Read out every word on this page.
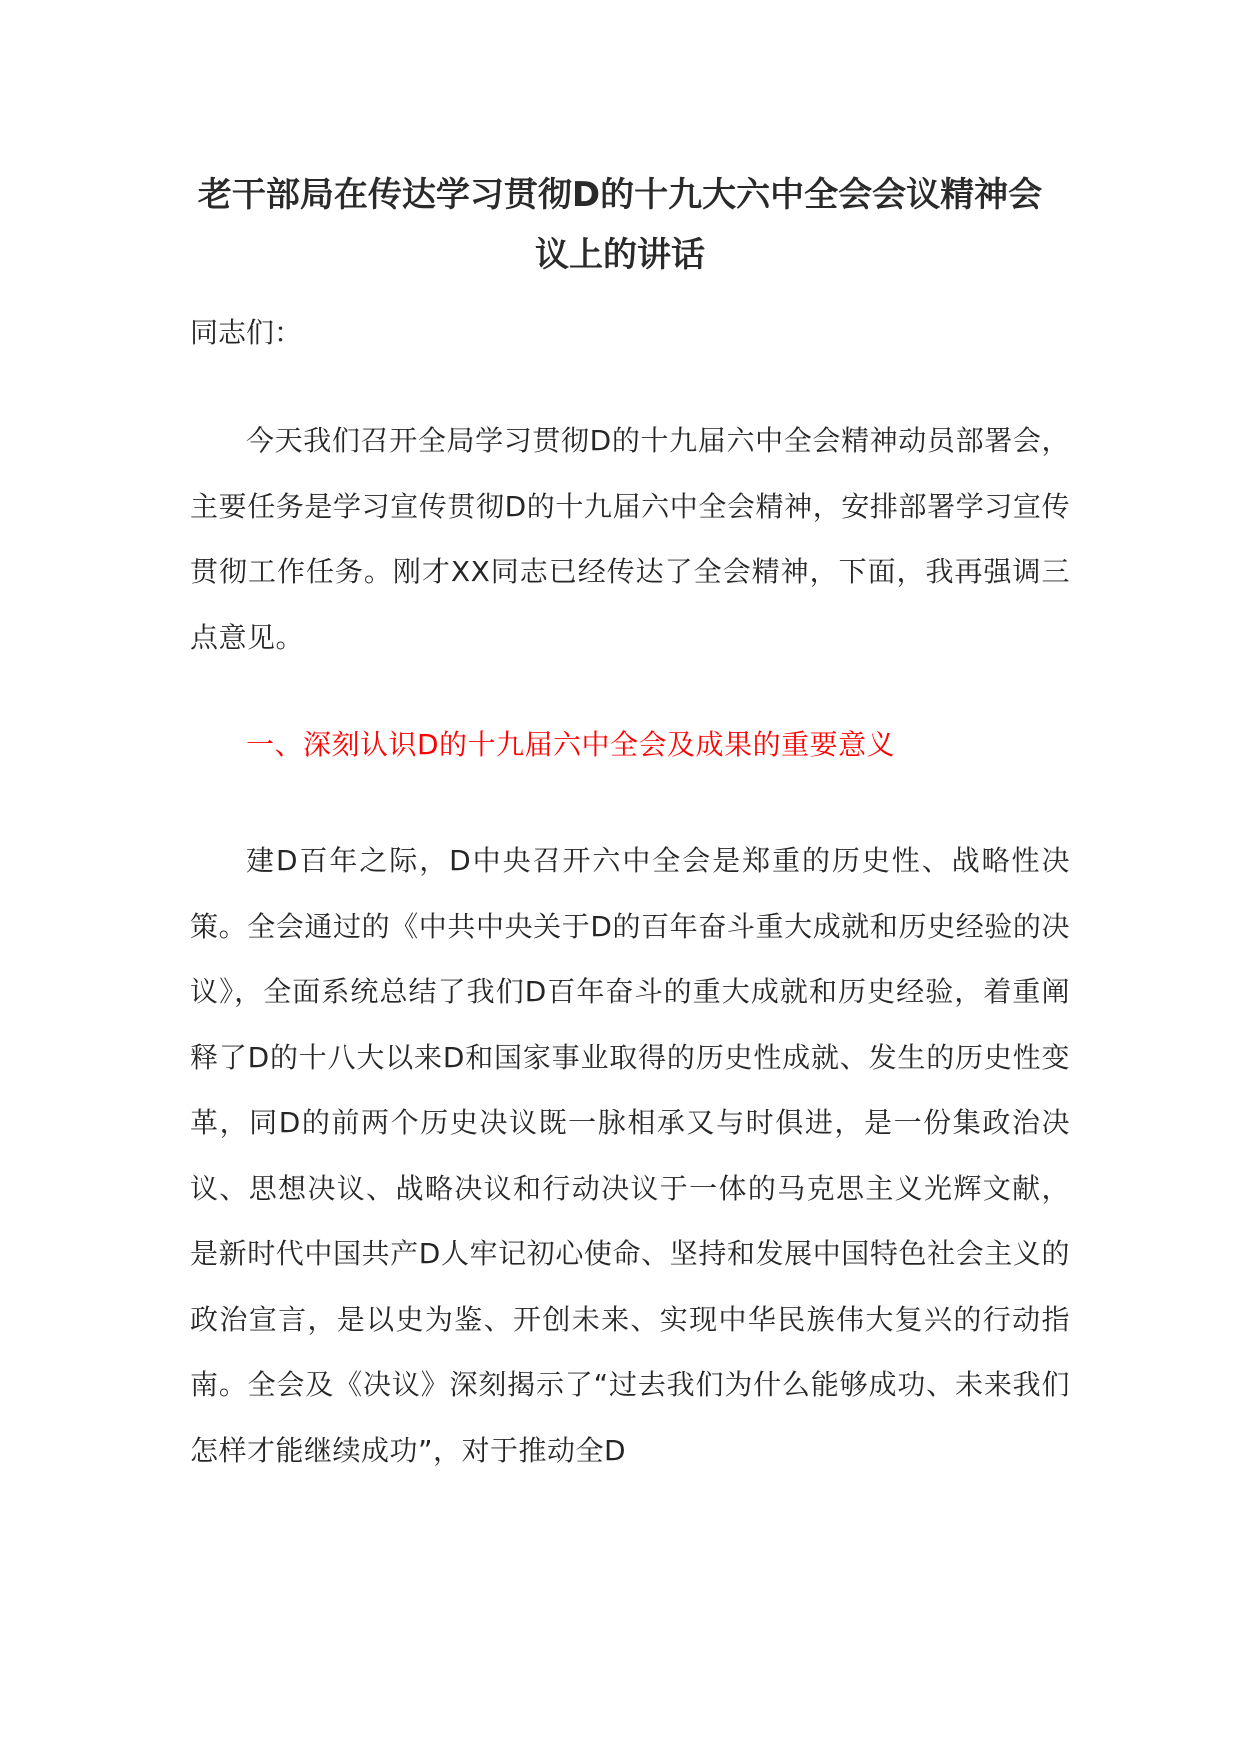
老干部局在传达学习贯彻D的十九大六中全会会议精神会议上的讲话
同志们：
今天我们召开全局学习贯彻D的十九届六中全会精神动员部署会，主要任务是学习宣传贯彻D的十九届六中全会精神，安排部署学习宣传贯彻工作任务。刚才XX同志已经传达了全会精神，下面，我再强调三点意见。
一、深刻认识D的十九届六中全会及成果的重要意义
建D百年之际，D中央召开六中全会是郑重的历史性、战略性决策。全会通过的《中共中央关于D的百年奋斗重大成就和历史经验的决议》，全面系统总结了我们D百年奋斗的重大成就和历史经验，着重阐释了D的十八大以来D和国家事业取得的历史性成就、发生的历史性变革，同D的前两个历史决议既一脉相承又与时俱进，是一份集政治决议、思想决议、战略决议和行动决议于一体的马克思主义光辉文献，是新时代中国共产D人牢记初心使命、坚持和发展中国特色社会主义的政治宣言，是以史为鉴、开创未来、实现中华民族伟大复兴的行动指南。全会及《决议》深刻揭示了“过去我们为什么能够成功、未来我们怎样才能继续成功”，对于推动全D
